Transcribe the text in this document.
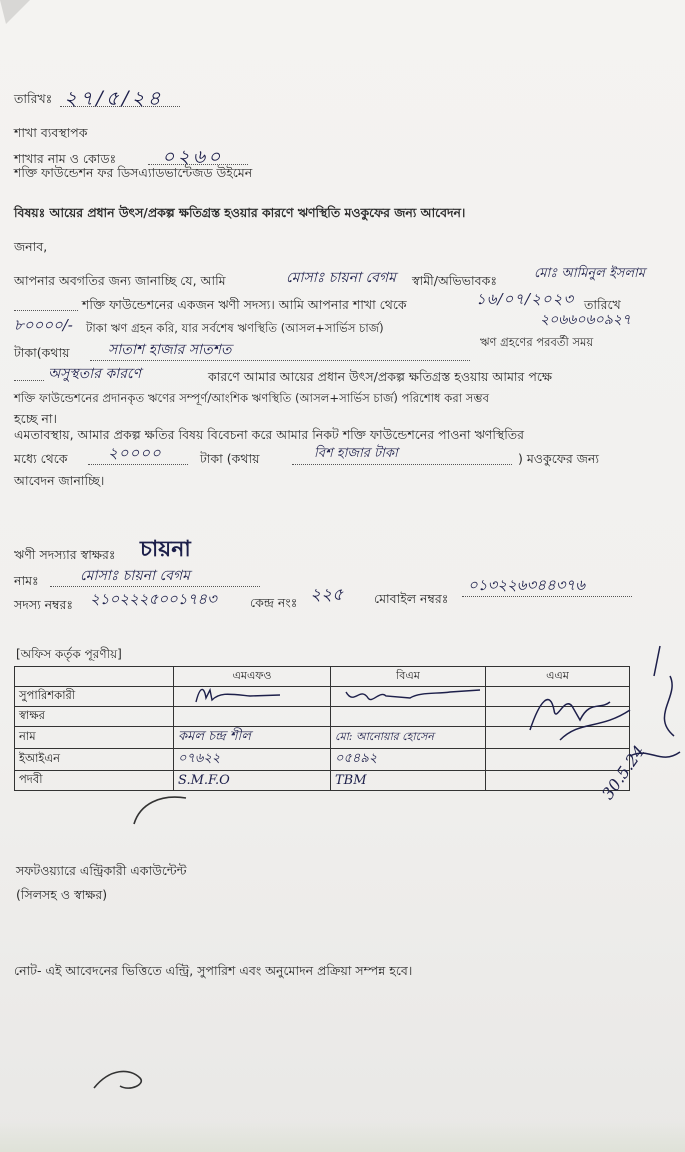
তারিখঃ ২৭/৫/২৪
শাখা ব্যবস্থাপক
শাখার নাম ও কোডঃ ০২৬০
শক্তি ফাউন্ডেশন ফর ডিসএ্যাডভান্টেজড উইমেন
বিষয়ঃ আয়ের প্রধান উৎস/প্রকল্প ক্ষতিগ্রস্ত হওয়ার কারণে ঋণস্থিতি মওকুফের জন্য আবেদন।
জনাব,
আপনার অবগতির জন্য জানাচ্ছি যে, আমি	মোসাঃ চায়না বেগম স্বামী/অভিভাবকঃ	মোঃ আমিনুল ইসলাম
শক্তি ফাউন্ডেশনের একজন ঋণী সদস্য। আমি আপনার শাখা থেকে	১৬/০৭/২০২৩ তারিখে
৮০০০০/- টাকা ঋণ গ্রহন করি, যার সর্বশেষ ঋণস্থিতি (আসল+সার্ভিস চার্জ)	২০৬৬০৬০৯২৭
ঋণ গ্রহণের পরবর্তী সময়
টাকা(কথায়	সাতাশ হাজার সাতশত
অসুস্থতার কারণে	কারণে আমার আয়ের প্রধান উৎস/প্রকল্প ক্ষতিগ্রস্ত হওয়ায় আমার পক্ষে
শক্তি ফাউন্ডেশনের প্রদানকৃত ঋণের সম্পূর্ণ/আংশিক ঋণস্থিতি (আসল+সার্ভিস চার্জ) পরিশোধ করা সম্ভব
হচ্ছে না।
এমতাবস্থায়, আমার প্রকল্প ক্ষতির বিষয় বিবেচনা করে আমার নিকট শক্তি ফাউন্ডেশনের পাওনা ঋণস্থিতির
মধ্যে থেকে	২০০০০	টাকা (কথায়	বিশ হাজার টাকা	) মওকুফের জন্য
আবেদন জানাচ্ছি।
ঋণী সদস্যার স্বাক্ষরঃ চায়না
নামঃ	মোসাঃ চায়না বেগম
সদস্য নম্বরঃ ২১০২২২৫০০১৭৪৩	কেন্দ্র নংঃ ২২৫ মোবাইল নম্বরঃ
০১৩২২৬৩৪৪৩৭৬
[অফিস কর্তৃক পূরণীয়]
	এমএফও	বিএম	এএম
সুপারিশকারী			
স্বাক্ষর			
নাম	কমল চন্দ্র শীল	মো: আনোয়ার হোসেন	
ইআইএন	০৭৬২২	০৫৪৯২	
পদবী	S.M.F.O	TBM		30.5.24
সফটওয়্যারে এন্ট্রিকারী একাউন্টেন্ট
(সিলসহ ও স্বাক্ষর)
নোট- এই আবেদনের ভিত্তিতে এন্ট্রি, সুপারিশ এবং অনুমোদন প্রক্রিয়া সম্পন্ন হবে।
